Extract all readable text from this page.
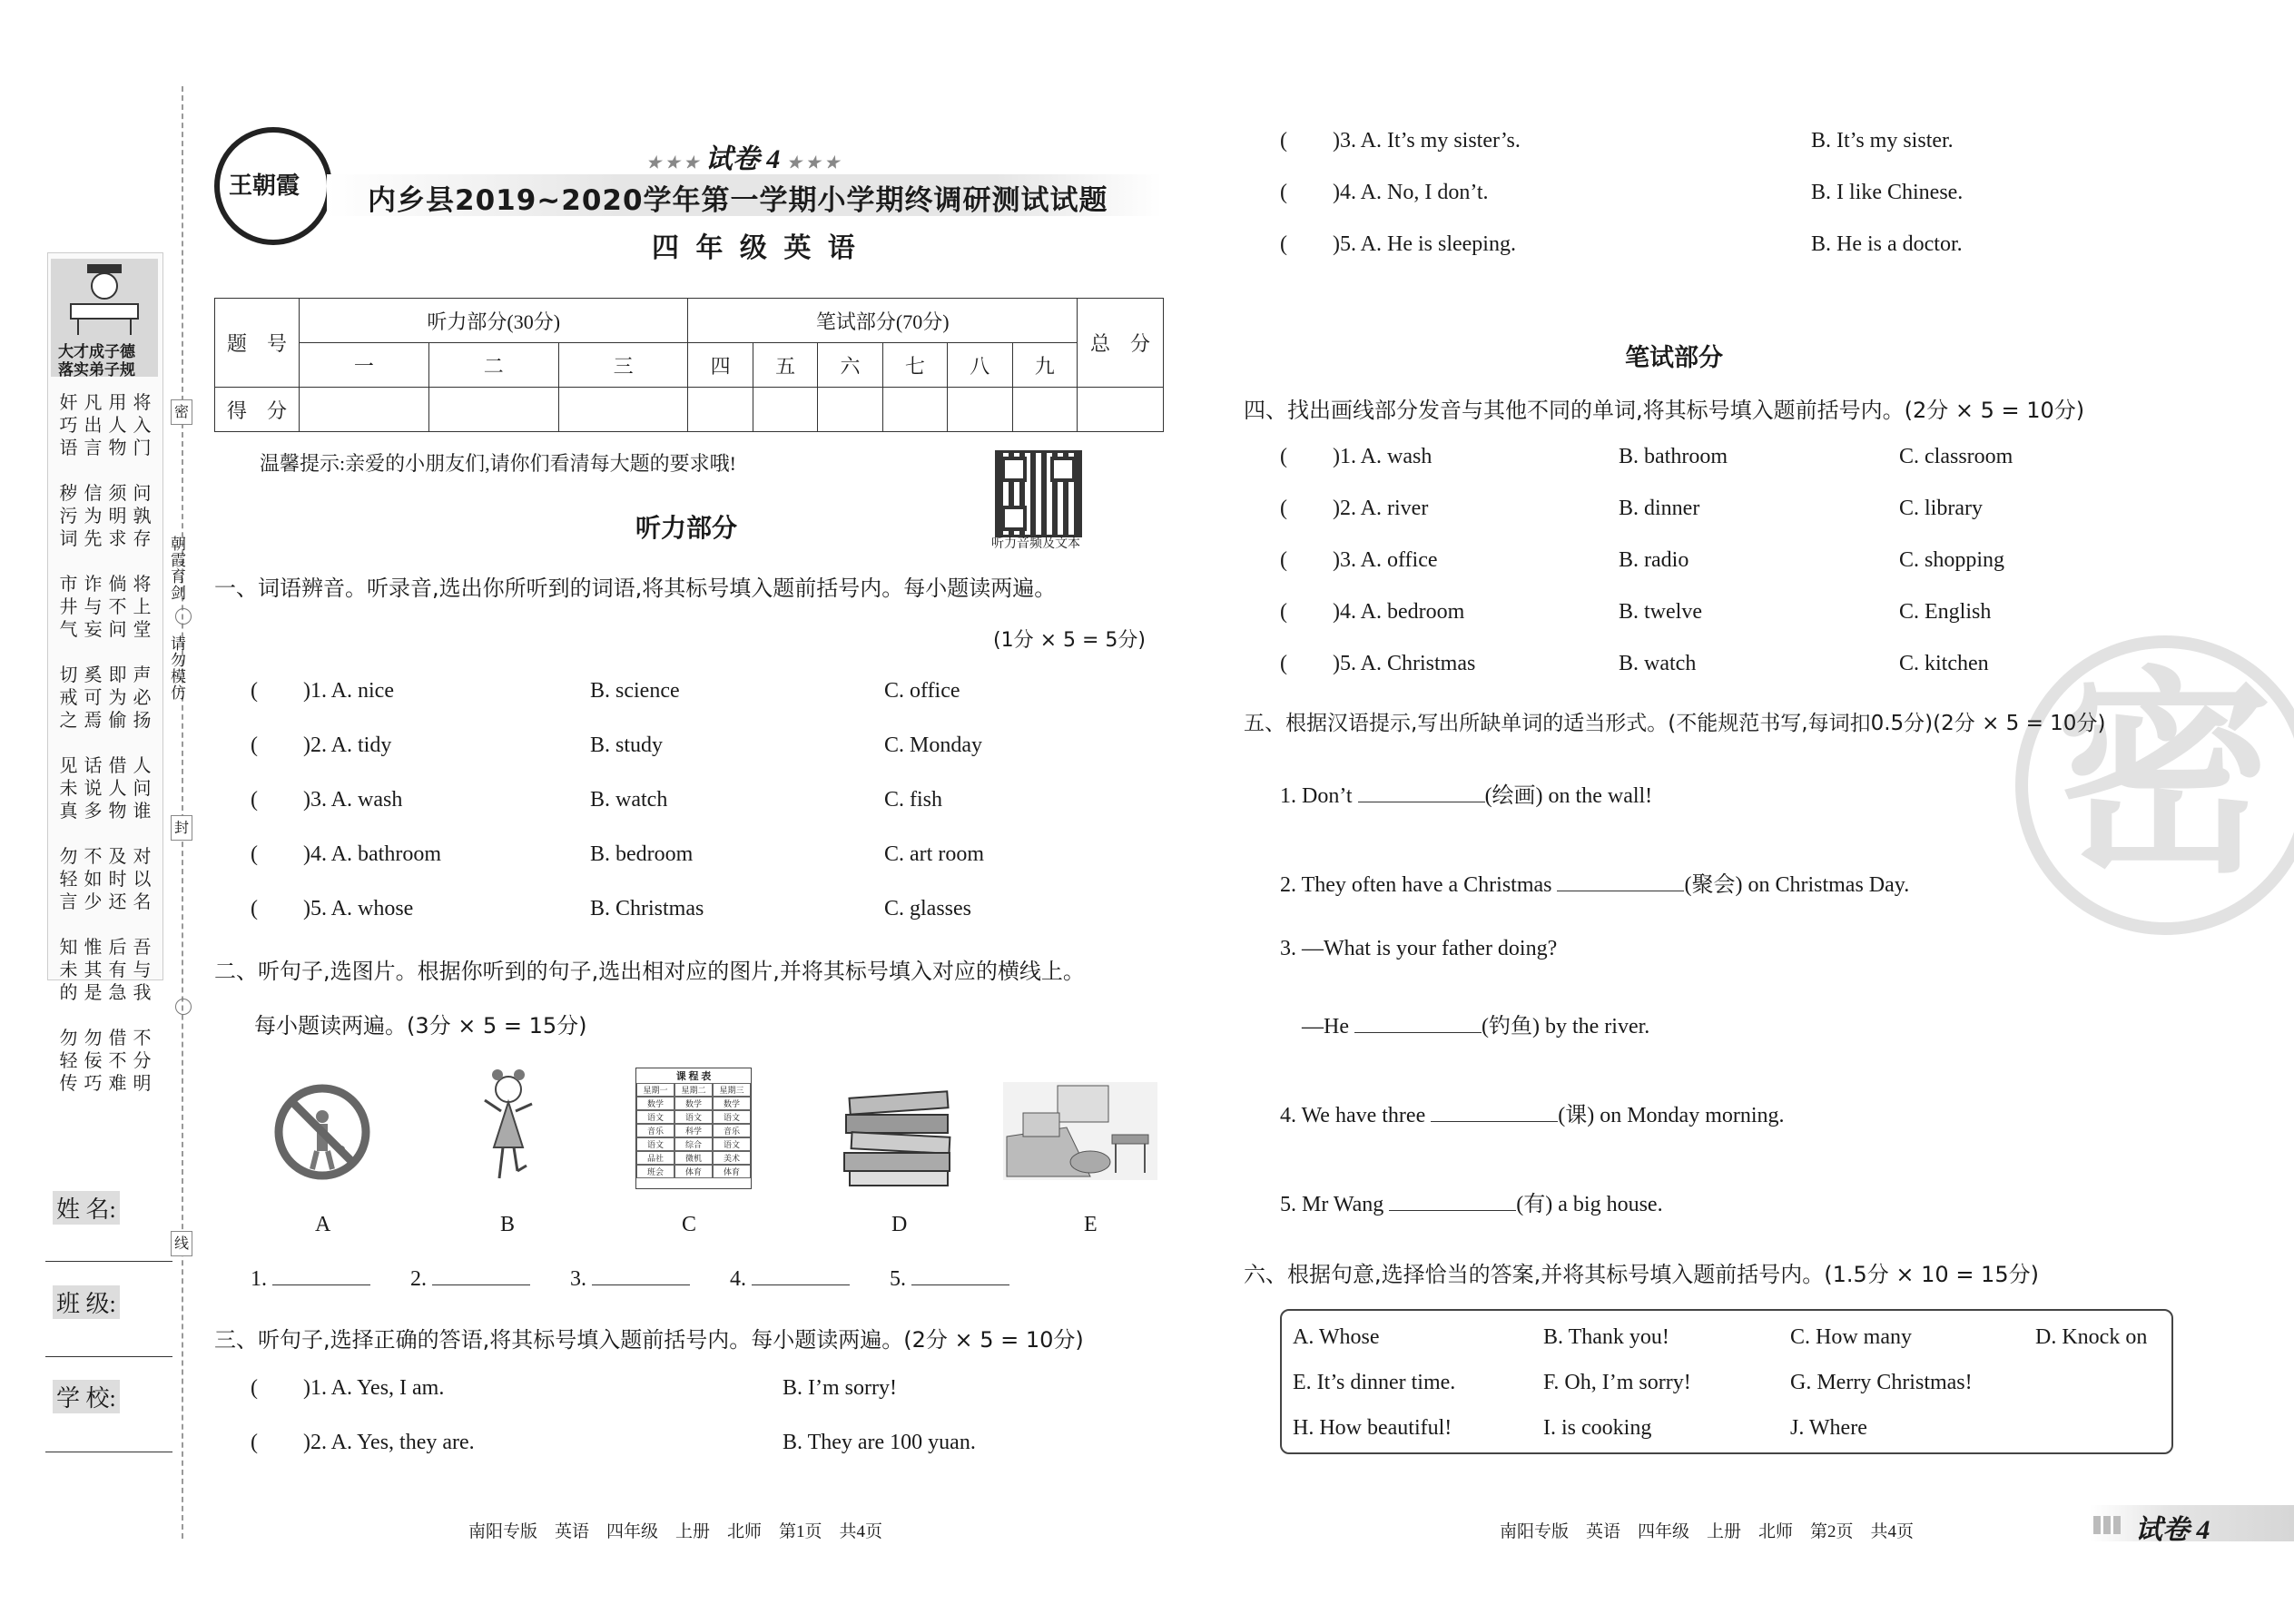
大才成子德
落实弟子规
奸 凡 用 将
巧 出 人 入
语 言 物 门

秽 信 须 问
污 为 明 孰
词 先 求 存

市 诈 倘 将
井 与 不 上
气 妄 问 堂

切 奚 即 声
戒 可 为 必
之 焉 偷 扬

见 话 借 人
未 说 人 问
真 多 物 谁

勿 不 及 对
轻 如 时 以
言 少 还 名

知 惟 后 吾
未 其 有 与
的 是 急 我

勿 勿 借 不
轻 佞 不 分
传 巧 难 明
密
封
线
朝霞育剑
请勿模仿
姓 名:
班 级:
学 校:
王朝霞
★ ★ ★ 试卷 4 ★ ★ ★
内乡县2019~2020学年第一学期小学期终调研测试试题
四 年 级 英 语
题　号	听力部分(30分)			笔试部分(70分)						总　分
	一	二	三	四	五	六	七	八	九	
得　分										
温馨提示:亲爱的小朋友们,请你们看清每大题的要求哦!
听力音频及文本
听力部分
一、词语辨音。听录音,选出你所听到的词语,将其标号填入题前括号内。每小题读两遍。
(1分 × 5 = 5分)
( )1. A. nice	B. science	C. office
( )2. A. tidy	B. study	C. Monday
( )3. A. wash	B. watch	C. fish
( )4. A. bathroom	B. bedroom	C. art room
( )5. A. whose	B. Christmas	C. glasses
二、听句子,选图片。根据你听到的句子,选出相对应的图片,并将其标号填入对应的横线上。
每小题读两遍。(3分 × 5 = 15分)
课 程 表
星期一	星期二	星期三
数学	数学	数学
语文	语文	语文
音乐	科学	音乐
语文	综合	语文
品社	微机	美术
班会	体育	体育
A	B	C	D	E
1.	2.	3.	4.	5.
三、听句子,选择正确的答语,将其标号填入题前括号内。每小题读两遍。(2分 × 5 = 10分)
( )1. A. Yes, I am.	B. I’m sorry!
( )2. A. Yes, they are.	B. They are 100 yuan.
( )3. A. It’s my sister’s.	B. It’s my sister.
( )4. A. No, I don’t.	B. I like Chinese.
( )5. A. He is sleeping.	B. He is a doctor.
笔试部分
四、找出画线部分发音与其他不同的单词,将其标号填入题前括号内。(2分 × 5 = 10分)
( )1. A. wash	B. bathroom	C. classroom
( )2. A. river	B. dinner	C. library
( )3. A. office	B. radio	C. shopping
( )4. A. bedroom	B. twelve	C. English
( )5. A. Christmas	B. watch	C. kitchen 密
五、根据汉语提示,写出所缺单词的适当形式。(不能规范书写,每词扣0.5分)(2分 × 5 = 10分)
1. Don’t	(绘画) on the wall!
2. They often have a Christmas	(聚会) on Christmas Day.
3. —What is your father doing?
—He	(钓鱼) by the river.
4. We have three	(课) on Monday morning.
5. Mr Wang	(有) a big house.
六、根据句意,选择恰当的答案,并将其标号填入题前括号内。(1.5分 × 10 = 15分)
A. Whose	B. Thank you!	C. How many	D. Knock on
E. It’s dinner time.	F. Oh, I’m sorry!	G. Merry Christmas!
H. How beautiful!	I. is cooking	J. Where
南阳专版　英语　四年级　上册　北师　第1页　共4页	南阳专版　英语　四年级　上册　北师　第2页　共4页	试卷 4
